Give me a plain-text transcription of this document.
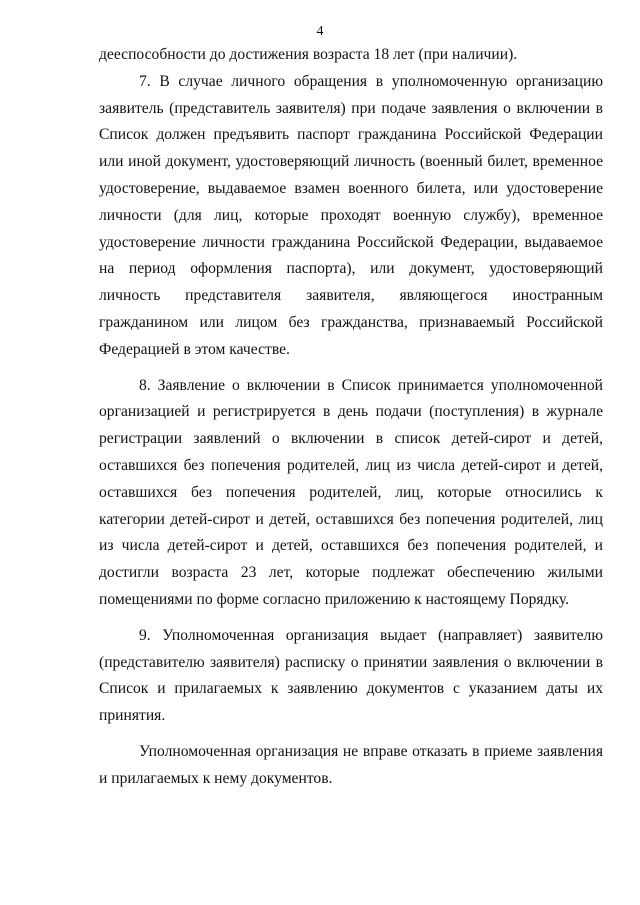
4

дееспособности до достижения возраста 18 лет (при наличии).

7. В случае личного обращения в уполномоченную организацию заявитель (представитель заявителя) при подаче заявления о включении в Список должен предъявить паспорт гражданина Российской Федерации или иной документ, удостоверяющий личность (военный билет, временное удостоверение, выдаваемое взамен военного билета, или удостоверение личности (для лиц, которые проходят военную службу), временное удостоверение личности гражданина Российской Федерации, выдаваемое на период оформления паспорта), или документ, удостоверяющий личность представителя заявителя, являющегося иностранным гражданином или лицом без гражданства, признаваемый Российской Федерацией в этом качестве.

8. Заявление о включении в Список принимается уполномоченной организацией и регистрируется в день подачи (поступления) в журнале регистрации заявлений о включении в список детей-сирот и детей, оставшихся без попечения родителей, лиц из числа детей-сирот и детей, оставшихся без попечения родителей, лиц, которые относились к категории детей-сирот и детей, оставшихся без попечения родителей, лиц из числа детей-сирот и детей, оставшихся без попечения родителей, и достигли возраста 23 лет, которые подлежат обеспечению жилыми помещениями по форме согласно приложению к настоящему Порядку.

9. Уполномоченная организация выдает (направляет) заявителю (представителю заявителя) расписку о принятии заявления о включении в Список и прилагаемых к заявлению документов с указанием даты их принятия.

Уполномоченная организация не вправе отказать в приеме заявления и прилагаемых к нему документов.
